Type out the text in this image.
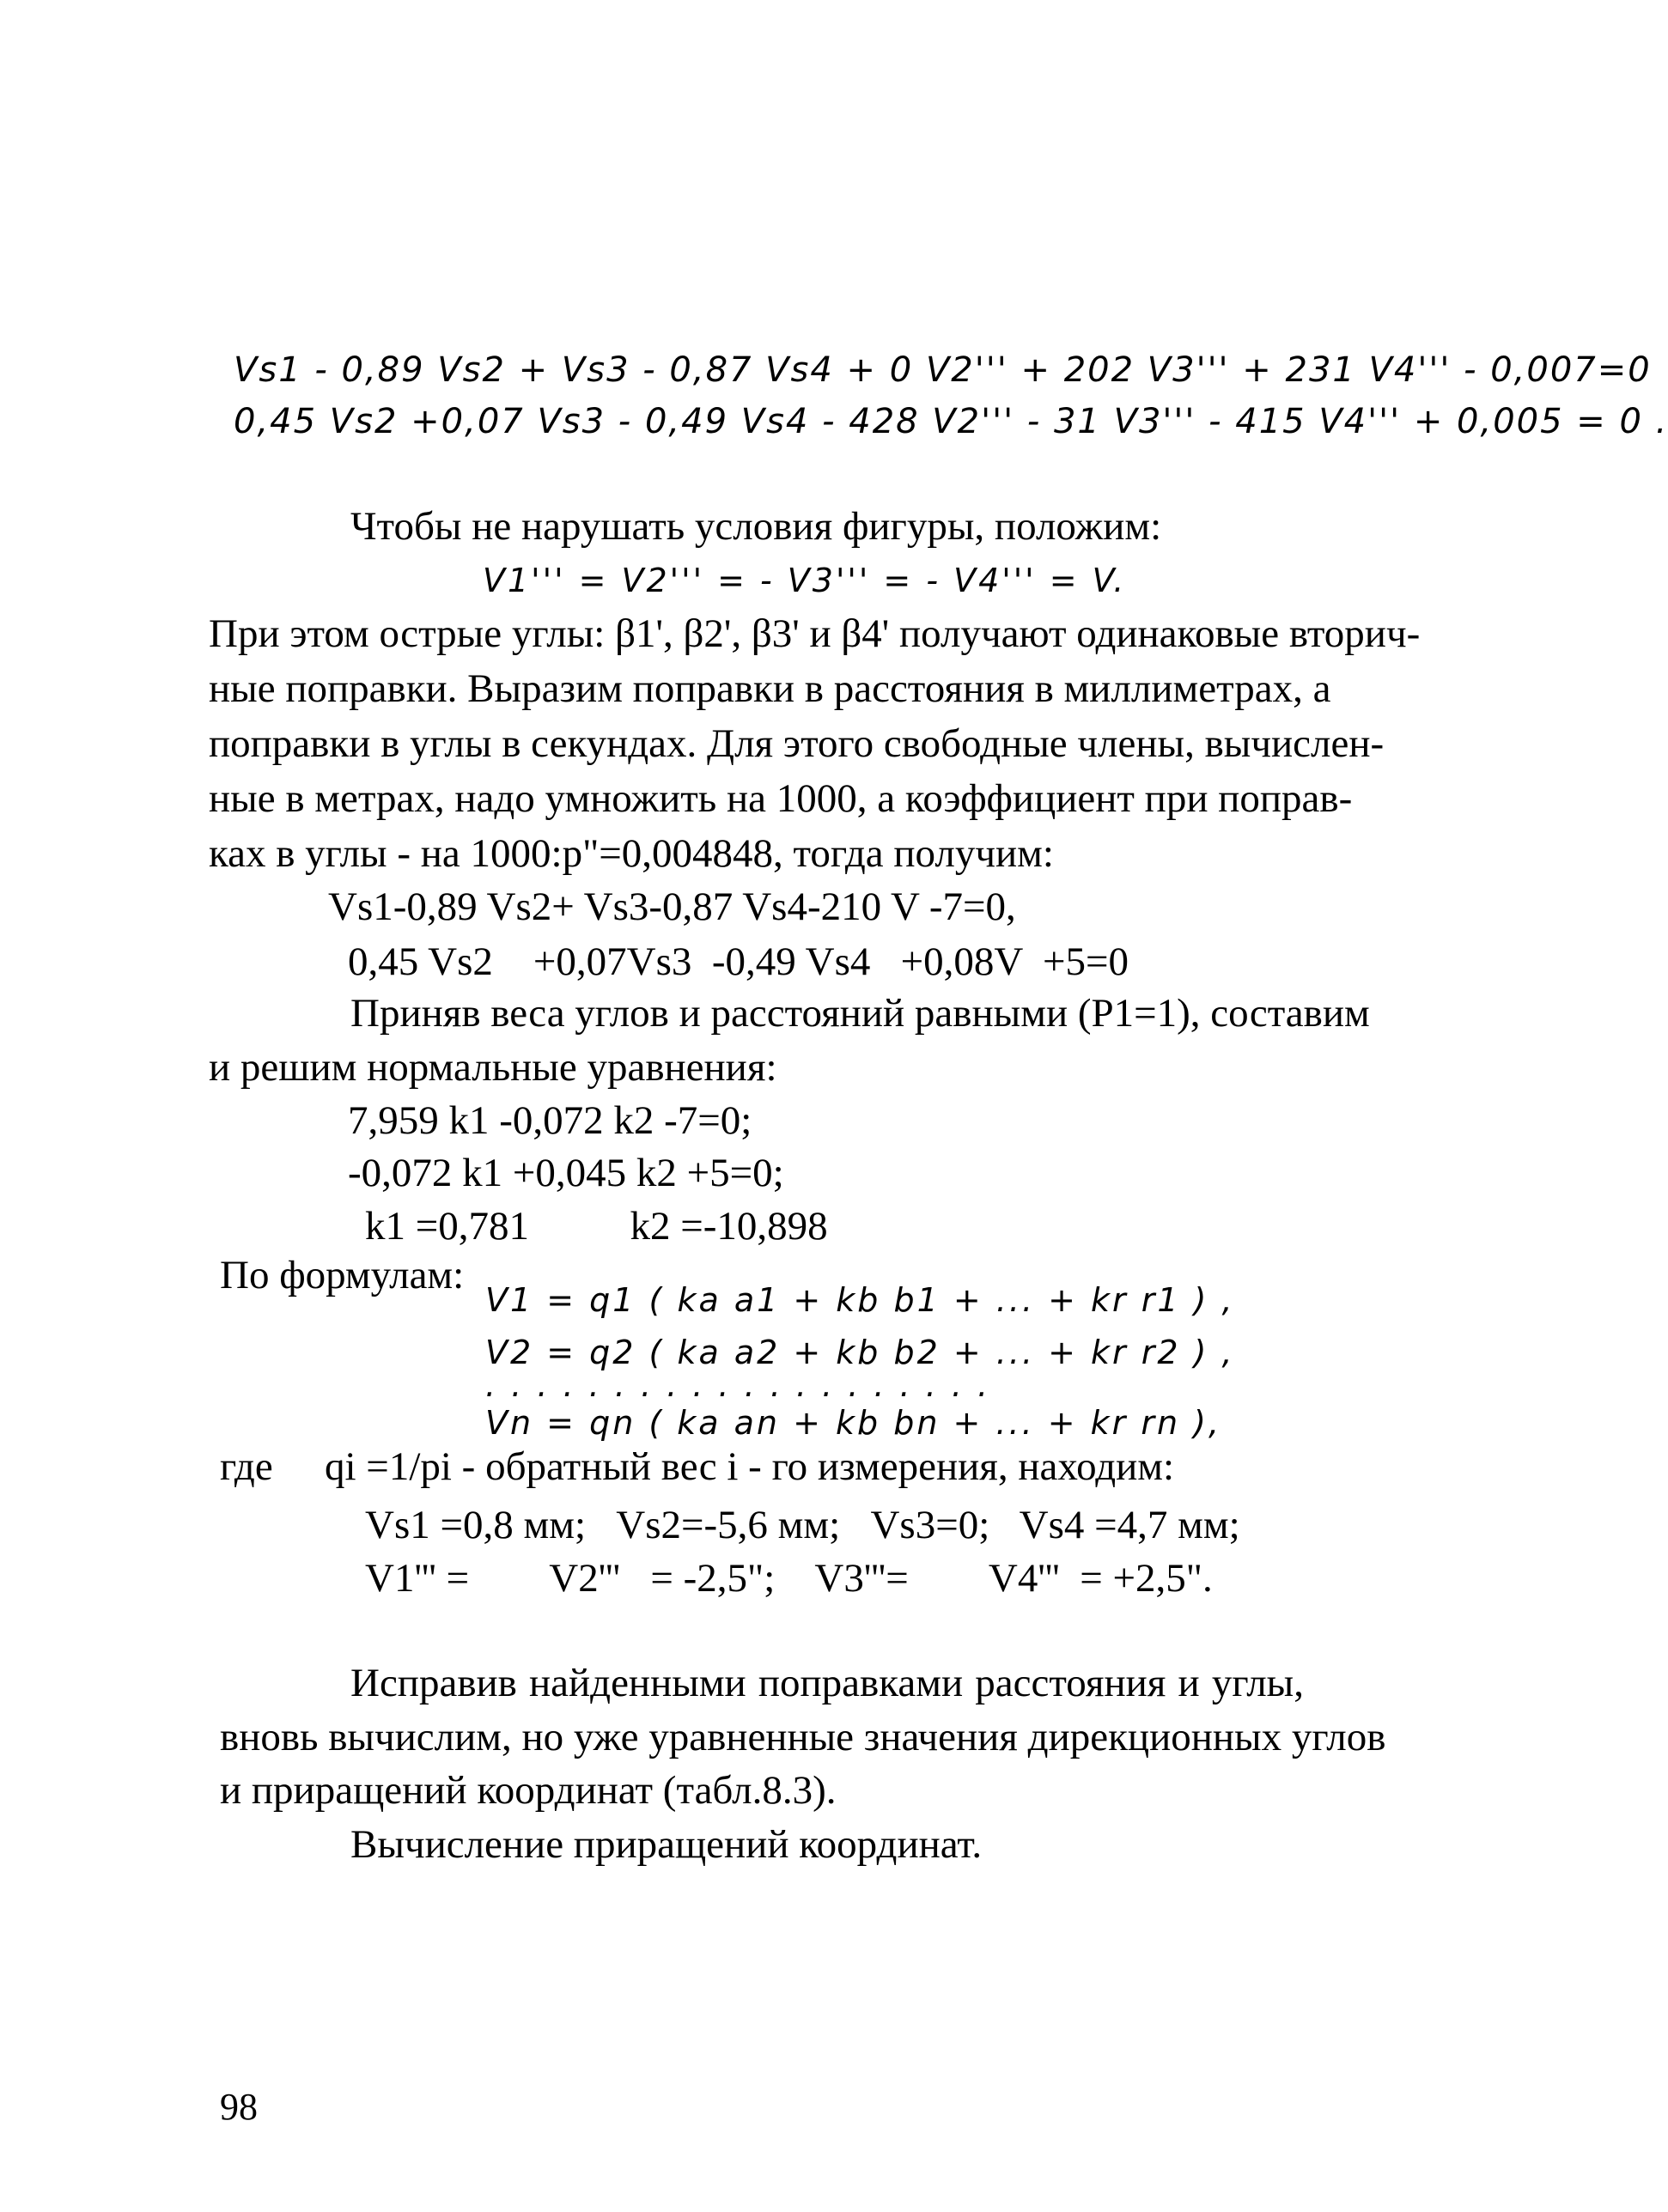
Vs1 - 0,89 Vs2 + Vs3 - 0,87 Vs4 + 0 V2''' + 202 V3''' + 231 V4''' - 0,007=0
0,45 Vs2 +0,07 Vs3 - 0,49 Vs4 - 428 V2''' - 31 V3''' - 415 V4''' + 0,005 = 0 .
Чтобы не нарушать условия фигуры, положим:
V1''' = V2''' = - V3''' = - V4''' = V.
При этом острые углы: β1', β2', β3' и β4' получают одинаковые вторич-
ные поправки. Выразим поправки в расстояния в миллиметрах, а
поправки в углы в секундах. Для этого свободные члены, вычислен-
ные в метрах, надо умножить на 1000, а коэффициент при поправ-
ках в углы - на 1000:р"=0,004848, тогда получим:
Vs1-0,89 Vs2+ Vs3-0,87 Vs4-210 V -7=0,
0,45 Vs2    +0,07Vs3  -0,49 Vs4   +0,08V  +5=0
Приняв веса углов и расстояний равными (Р1=1), составим
и решим нормальные уравнения:
7,959 k1 -0,072 k2 -7=0;
-0,072 k1 +0,045 k2 +5=0;
k1 =0,781          k2 =-10,898
По формулам:
V1 = q1 ( ka a1 + kb b1 + ... + kr r1 ) ,
V2 = q2 ( ka a2 + kb b2 + ... + kr r2 ) ,
. . . . . . . . . . . . . . . . . . . .
Vn = qn ( ka an + kb bn + ... + kr rn ),
где qi =1/pi - обратный вес i - го измерения, находим:
Vs1 =0,8 мм;   Vs2=-5,6 мм;   Vs3=0;   Vs4 =4,7 мм;
V1''' =        V2'''   = -2,5";    V3'''=        V4'''  = +2,5".
Исправив найденными поправками расстояния и углы,
вновь вычислим, но уже уравненные значения дирекционных углов
и приращений координат (табл.8.3).
Вычисление приращений координат.
98
